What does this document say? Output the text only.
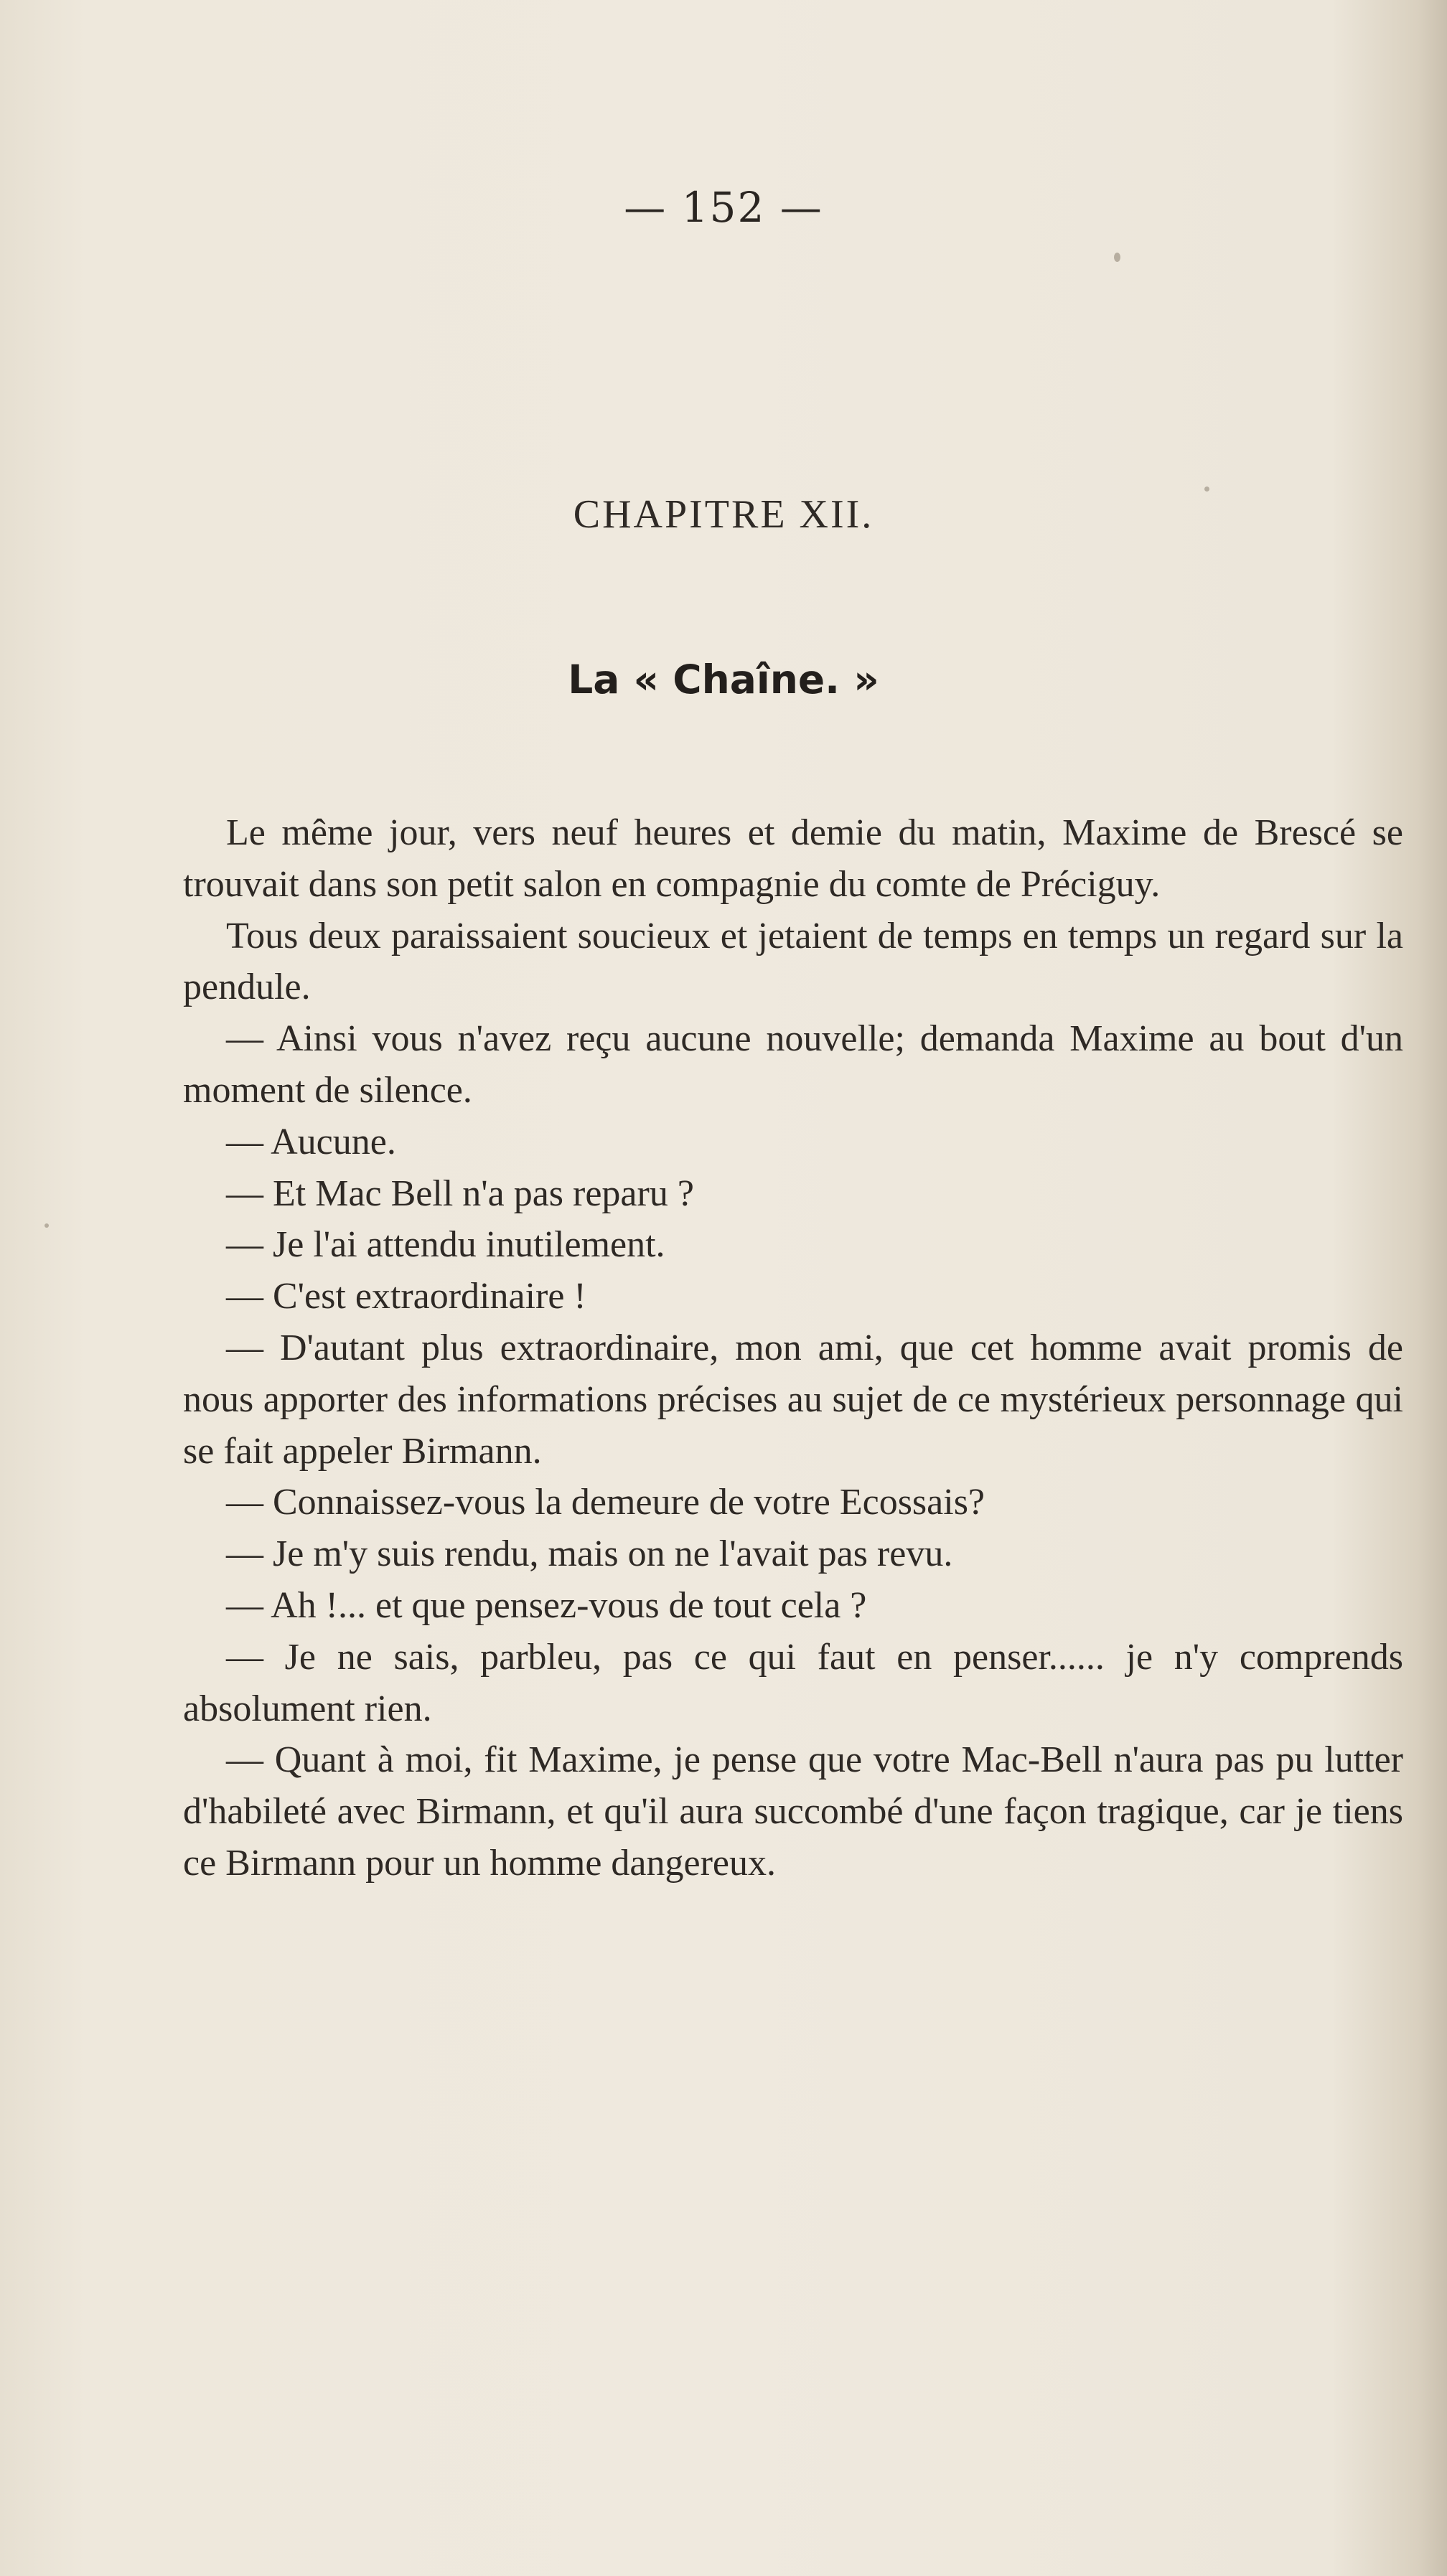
— 152 —
CHAPITRE XII.
La « Chaîne. »

Le même jour, vers neuf heures et demie du matin, Maxime de Brescé se trouvait dans son petit salon en compagnie du comte de Préciguy.

Tous deux paraissaient soucieux et jetaient de temps en temps un regard sur la pendule.

— Ainsi vous n'avez reçu aucune nouvelle; demanda Maxime au bout d'un moment de silence.

— Aucune.

— Et Mac Bell n'a pas reparu ?

— Je l'ai attendu inutilement.

— C'est extraordinaire !

— D'autant plus extraordinaire, mon ami, que cet homme avait promis de nous apporter des informations précises au sujet de ce mystérieux personnage qui se fait appeler Birmann.

— Connaissez-vous la demeure de votre Ecossais?

— Je m'y suis rendu, mais on ne l'avait pas revu.

— Ah !... et que pensez-vous de tout cela ?

— Je ne sais, parbleu, pas ce qui faut en penser...... je n'y comprends absolument rien.

— Quant à moi, fit Maxime, je pense que votre Mac-Bell n'aura pas pu lutter d'habileté avec Birmann, et qu'il aura succombé d'une façon tragique, car je tiens ce Birmann pour un homme dangereux.
